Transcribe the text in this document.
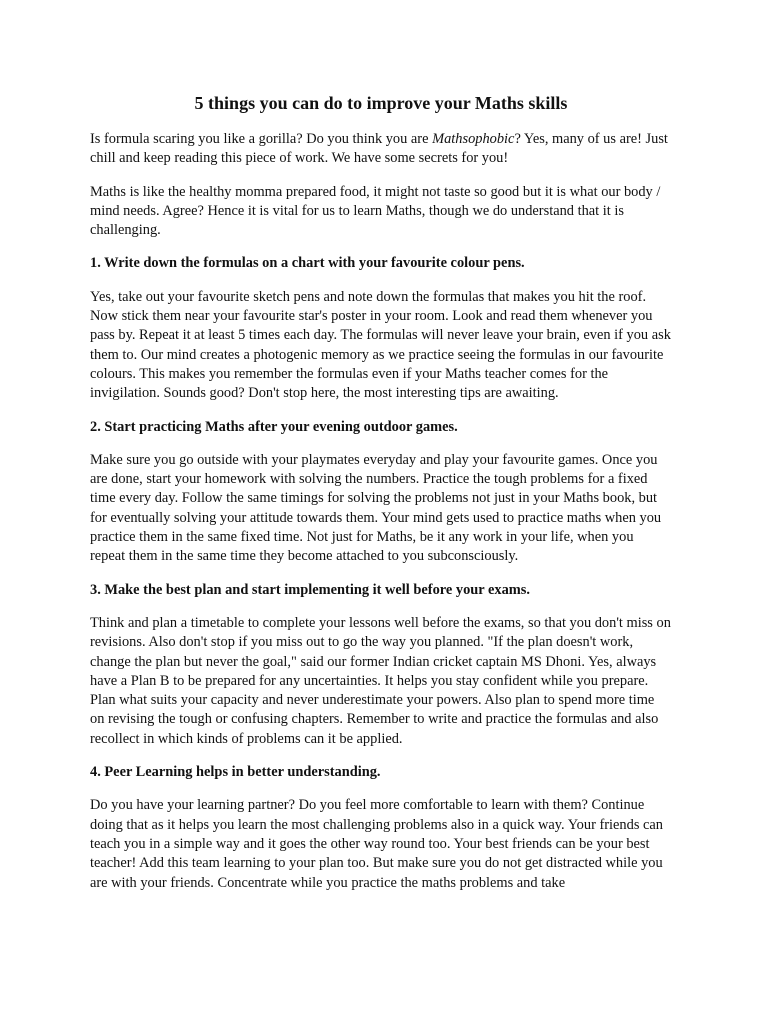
5 things you can do to improve your Maths skills

Is formula scaring you like a gorilla? Do you think you are Mathsophobic? Yes, many of us are! Just chill and keep reading this piece of work. We have some secrets for you!

Maths is like the healthy momma prepared food, it might not taste so good but it is what our body / mind needs. Agree? Hence it is vital for us to learn Maths, though we do understand that it is challenging.

1. Write down the formulas on a chart with your favourite colour pens.

Yes, take out your favourite sketch pens and note down the formulas that makes you hit the roof. Now stick them near your favourite star's poster in your room. Look and read them whenever you pass by. Repeat it at least 5 times each day. The formulas will never leave your brain, even if you ask them to. Our mind creates a photogenic memory as we practice seeing the formulas in our favourite colours. This makes you remember the formulas even if your Maths teacher comes for the invigilation. Sounds good? Don't stop here, the most interesting tips are awaiting.

2. Start practicing Maths after your evening outdoor games.

Make sure you go outside with your playmates everyday and play your favourite games. Once you are done, start your homework with solving the numbers. Practice the tough problems for a fixed time every day. Follow the same timings for solving the problems not just in your Maths book, but for eventually solving your attitude towards them. Your mind gets used to practice maths when you practice them in the same fixed time. Not just for Maths, be it any work in your life, when you repeat them in the same time they become attached to you subconsciously.

3. Make the best plan and start implementing it well before your exams.

Think and plan a timetable to complete your lessons well before the exams, so that you don't miss on revisions. Also don't stop if you miss out to go the way you planned. "If the plan doesn't work, change the plan but never the goal," said our former Indian cricket captain MS Dhoni. Yes, always have a Plan B to be prepared for any uncertainties. It helps you stay confident while you prepare. Plan what suits your capacity and never underestimate your powers. Also plan to spend more time on revising the tough or confusing chapters. Remember to write and practice the formulas and also recollect in which kinds of problems can it be applied.

4. Peer Learning helps in better understanding.

Do you have your learning partner? Do you feel more comfortable to learn with them? Continue doing that as it helps you learn the most challenging problems also in a quick way. Your friends can teach you in a simple way and it goes the other way round too. Your best friends can be your best teacher! Add this team learning to your plan too. But make sure you do not get distracted while you are with your friends. Concentrate while you practice the maths problems and take
